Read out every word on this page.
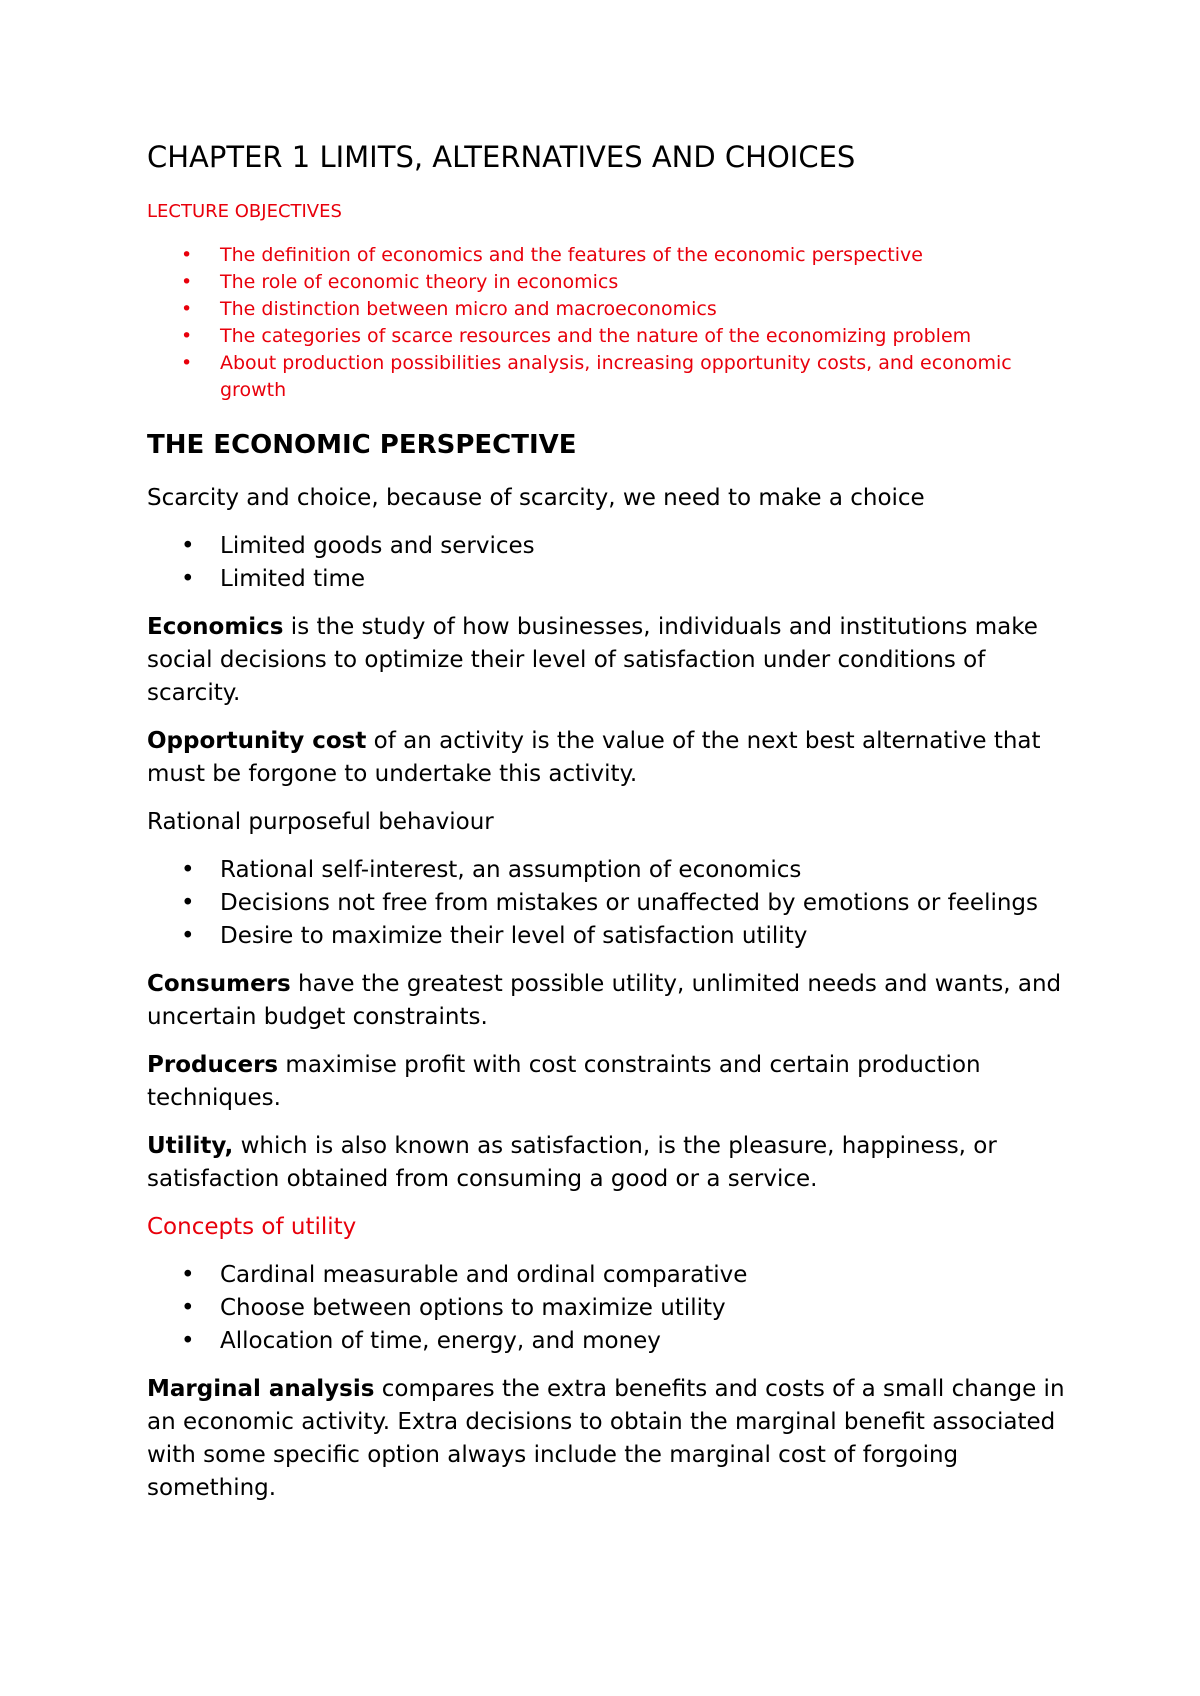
CHAPTER 1 LIMITS, ALTERNATIVES AND CHOICES
LECTURE OBJECTIVES
• The definition of economics and the features of the economic perspective
• The role of economic theory in economics
• The distinction between micro and macroeconomics
• The categories of scarce resources and the nature of the economizing problem
• About production possibilities analysis, increasing opportunity costs, and economic growth
THE ECONOMIC PERSPECTIVE

Scarcity and choice, because of scarcity, we need to make a choice

• Limited goods and services
• Limited time

Economics is the study of how businesses, individuals and institutions make social decisions to optimize their level of satisfaction under conditions of scarcity.

Opportunity cost of an activity is the value of the next best alternative that must be forgone to undertake this activity.

Rational purposeful behaviour

• Rational self-interest, an assumption of economics
• Decisions not free from mistakes or unaffected by emotions or feelings
• Desire to maximize their level of satisfaction utility

Consumers have the greatest possible utility, unlimited needs and wants, and uncertain budget constraints.

Producers maximise profit with cost constraints and certain production techniques.

Utility, which is also known as satisfaction, is the pleasure, happiness, or satisfaction obtained from consuming a good or a service.

Concepts of utility

• Cardinal measurable and ordinal comparative
• Choose between options to maximize utility
• Allocation of time, energy, and money

Marginal analysis compares the extra benefits and costs of a small change in an economic activity. Extra decisions to obtain the marginal benefit associated with some specific option always include the marginal cost of forgoing something.
